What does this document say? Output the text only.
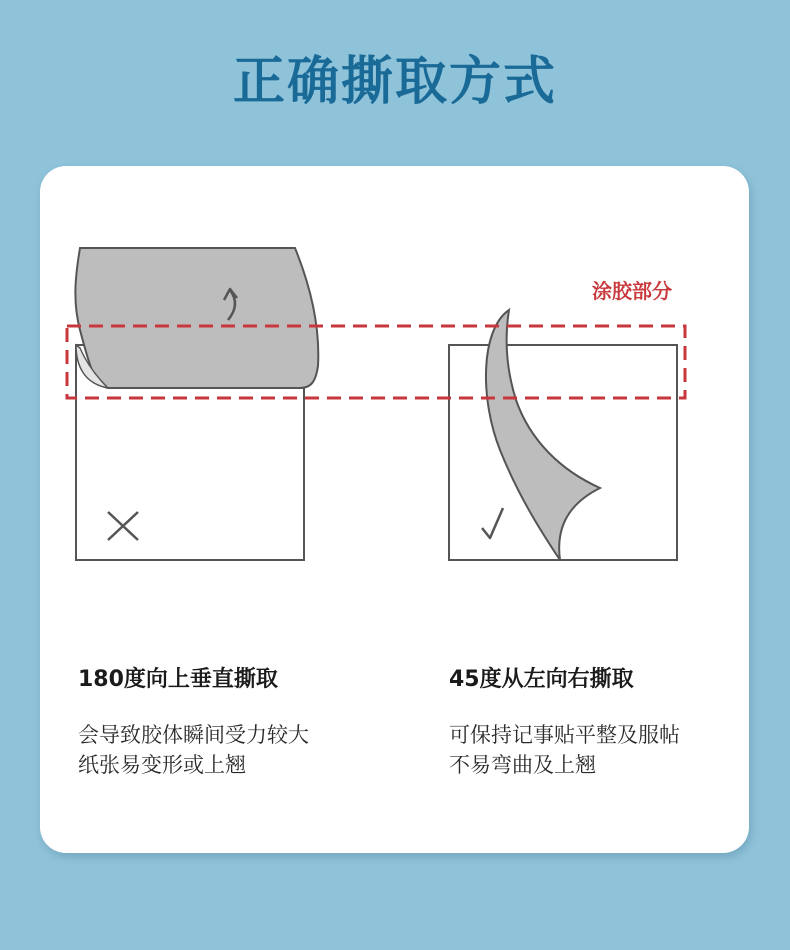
正确撕取方式
涂胶部分
180度向上垂直撕取
会导致胶体瞬间受力较大
纸张易变形或上翘
45度从左向右撕取
可保持记事贴平整及服帖
不易弯曲及上翘
